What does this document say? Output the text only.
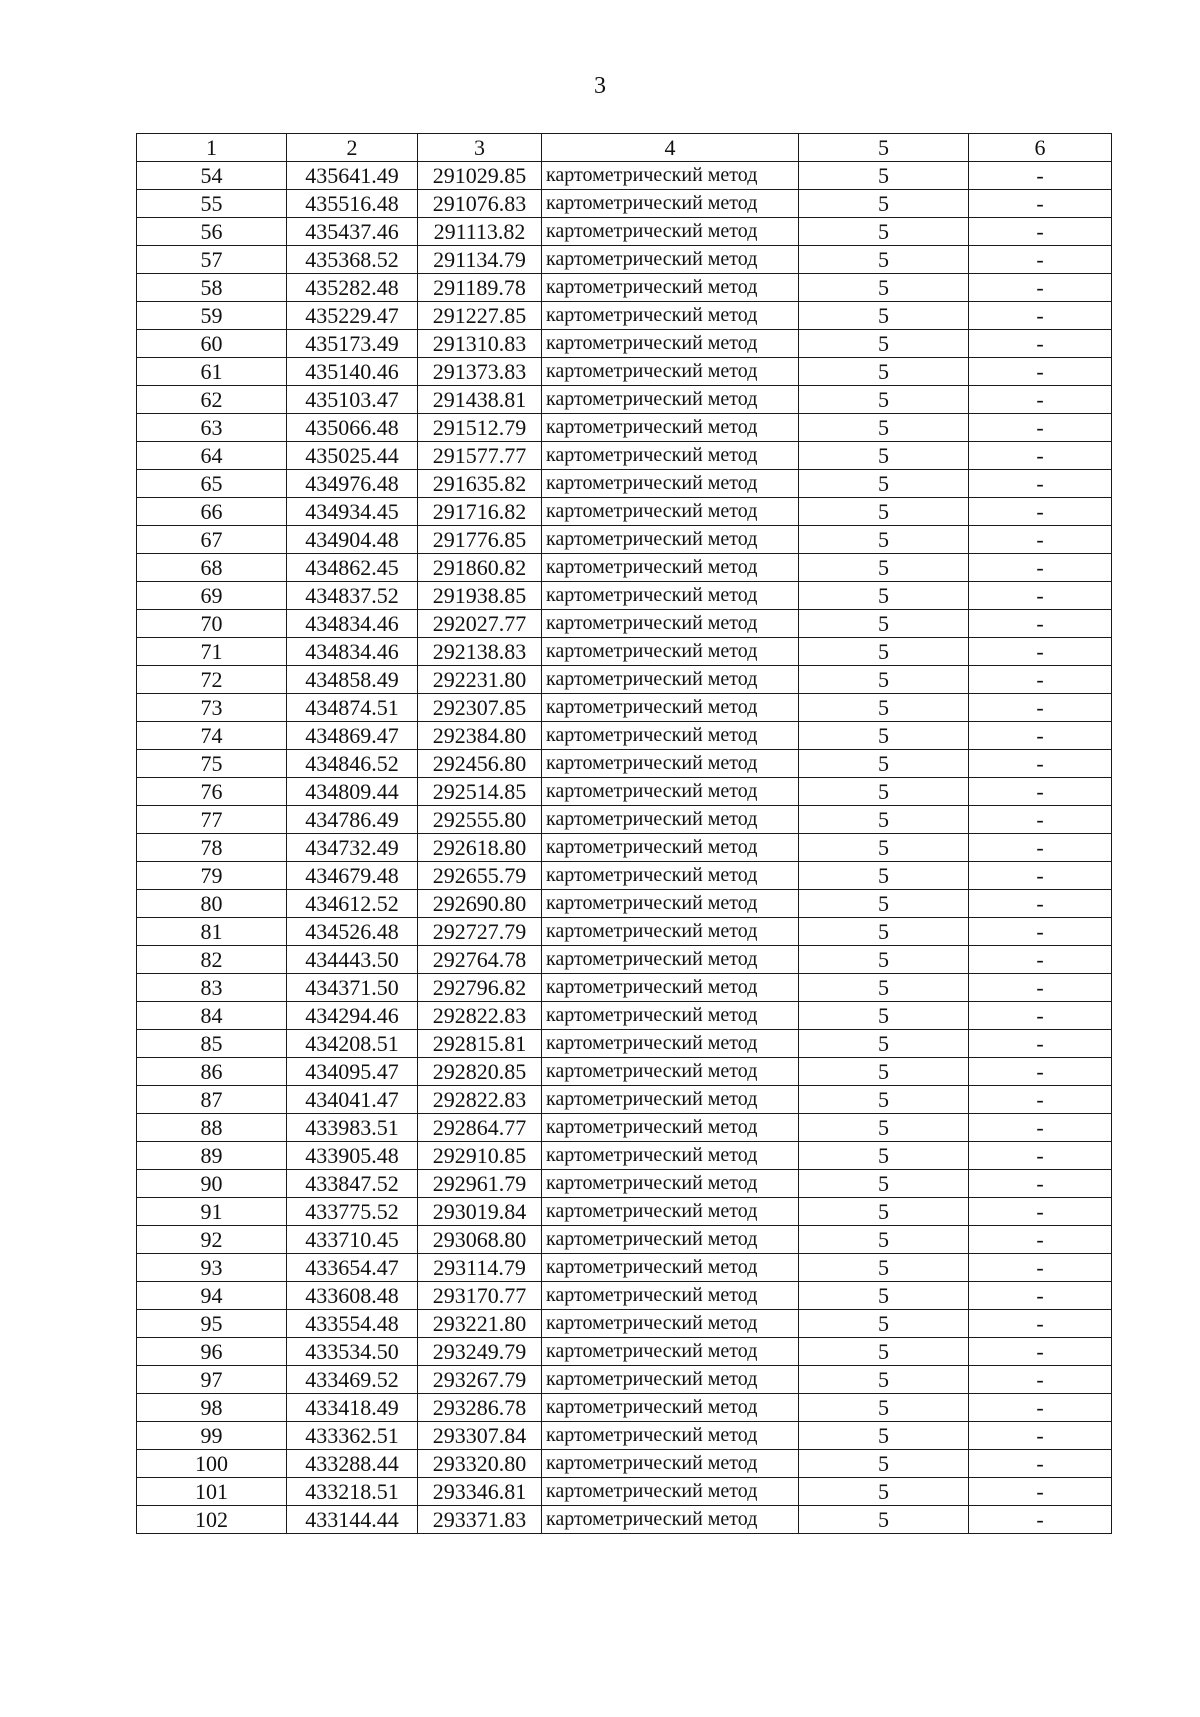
3
1	2	3	4	5	6
54	435641.49	291029.85	картометрический метод	5	-
55	435516.48	291076.83	картометрический метод	5	-
56	435437.46	291113.82	картометрический метод	5	-
57	435368.52	291134.79	картометрический метод	5	-
58	435282.48	291189.78	картометрический метод	5	-
59	435229.47	291227.85	картометрический метод	5	-
60	435173.49	291310.83	картометрический метод	5	-
61	435140.46	291373.83	картометрический метод	5	-
62	435103.47	291438.81	картометрический метод	5	-
63	435066.48	291512.79	картометрический метод	5	-
64	435025.44	291577.77	картометрический метод	5	-
65	434976.48	291635.82	картометрический метод	5	-
66	434934.45	291716.82	картометрический метод	5	-
67	434904.48	291776.85	картометрический метод	5	-
68	434862.45	291860.82	картометрический метод	5	-
69	434837.52	291938.85	картометрический метод	5	-
70	434834.46	292027.77	картометрический метод	5	-
71	434834.46	292138.83	картометрический метод	5	-
72	434858.49	292231.80	картометрический метод	5	-
73	434874.51	292307.85	картометрический метод	5	-
74	434869.47	292384.80	картометрический метод	5	-
75	434846.52	292456.80	картометрический метод	5	-
76	434809.44	292514.85	картометрический метод	5	-
77	434786.49	292555.80	картометрический метод	5	-
78	434732.49	292618.80	картометрический метод	5	-
79	434679.48	292655.79	картометрический метод	5	-
80	434612.52	292690.80	картометрический метод	5	-
81	434526.48	292727.79	картометрический метод	5	-
82	434443.50	292764.78	картометрический метод	5	-
83	434371.50	292796.82	картометрический метод	5	-
84	434294.46	292822.83	картометрический метод	5	-
85	434208.51	292815.81	картометрический метод	5	-
86	434095.47	292820.85	картометрический метод	5	-
87	434041.47	292822.83	картометрический метод	5	-
88	433983.51	292864.77	картометрический метод	5	-
89	433905.48	292910.85	картометрический метод	5	-
90	433847.52	292961.79	картометрический метод	5	-
91	433775.52	293019.84	картометрический метод	5	-
92	433710.45	293068.80	картометрический метод	5	-
93	433654.47	293114.79	картометрический метод	5	-
94	433608.48	293170.77	картометрический метод	5	-
95	433554.48	293221.80	картометрический метод	5	-
96	433534.50	293249.79	картометрический метод	5	-
97	433469.52	293267.79	картометрический метод	5	-
98	433418.49	293286.78	картометрический метод	5	-
99	433362.51	293307.84	картометрический метод	5	-
100	433288.44	293320.80	картометрический метод	5	-
101	433218.51	293346.81	картометрический метод	5	-
102	433144.44	293371.83	картометрический метод	5	-
